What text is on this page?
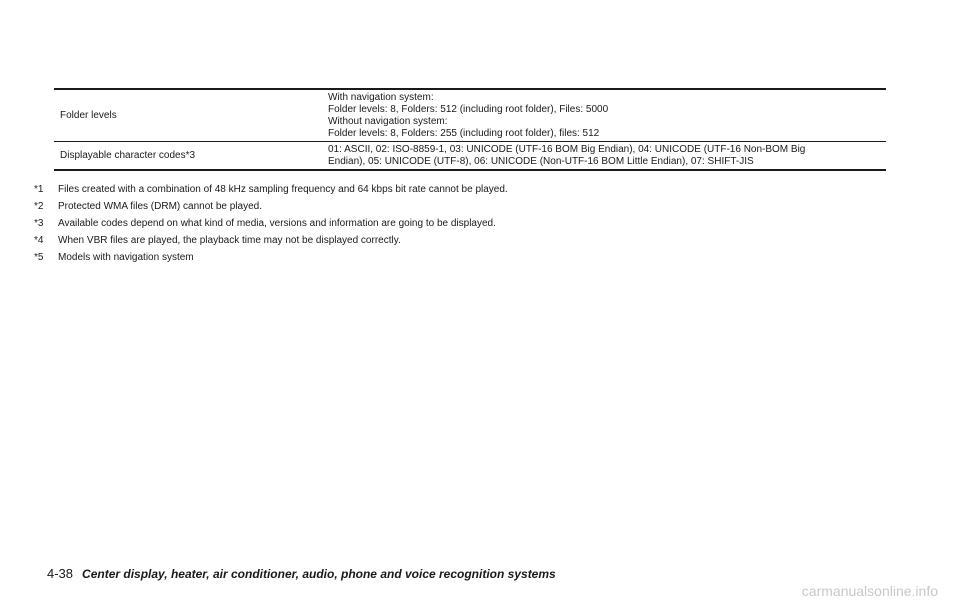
Folder levels	With navigation system:
Folder levels: 8, Folders: 512 (including root folder), Files: 5000
Without navigation system:
Folder levels: 8, Folders: 255 (including root folder), files: 512

Displayable character codes*3	01: ASCII, 02: ISO-8859-1, 03: UNICODE (UTF-16 BOM Big Endian), 04: UNICODE (UTF-16 Non-BOM Big
Endian), 05: UNICODE (UTF-8), 06: UNICODE (Non-UTF-16 BOM Little Endian), 07: SHIFT-JIS
*1	Files created with a combination of 48 kHz sampling frequency and 64 kbps bit rate cannot be played.
*2	Protected WMA files (DRM) cannot be played.
*3	Available codes depend on what kind of media, versions and information are going to be displayed.
*4	When VBR files are played, the playback time may not be displayed correctly.
*5	Models with navigation system
4-38 Center display, heater, air conditioner, audio, phone and voice recognition systems
carmanualsonline.info
